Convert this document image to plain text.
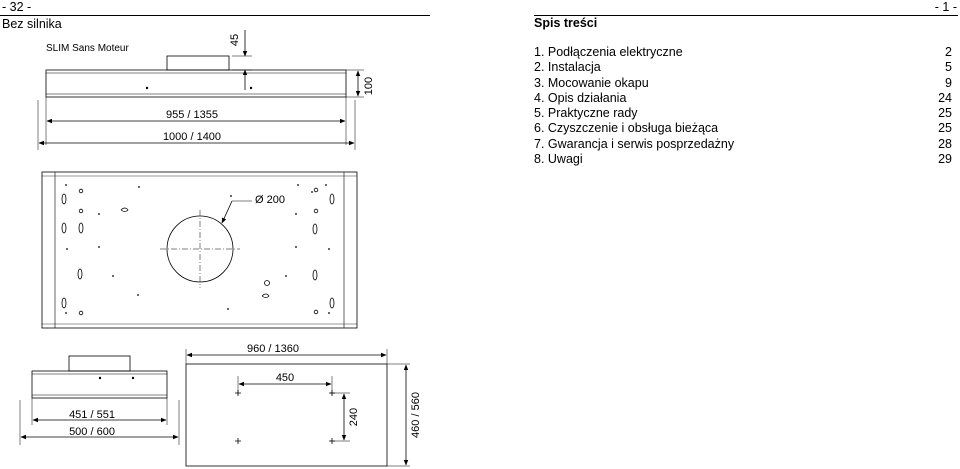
- 32 -
Bez silnika
SLIM Sans Moteur
45
100
955 / 1355
1000 / 1400
Ø 200
451 / 551
500 / 600
960 / 1360
450
240	460 / 560
- 1 -
Spis treści
1. Podłączenia elektryczne	2
2. Instalacja	5
3. Mocowanie okapu	9
4. Opis działania	24
5. Praktyczne rady	25
6. Czyszczenie i obsługa bieżąca	25
7. Gwarancja i serwis posprzedażny	28
8. Uwagi	29
